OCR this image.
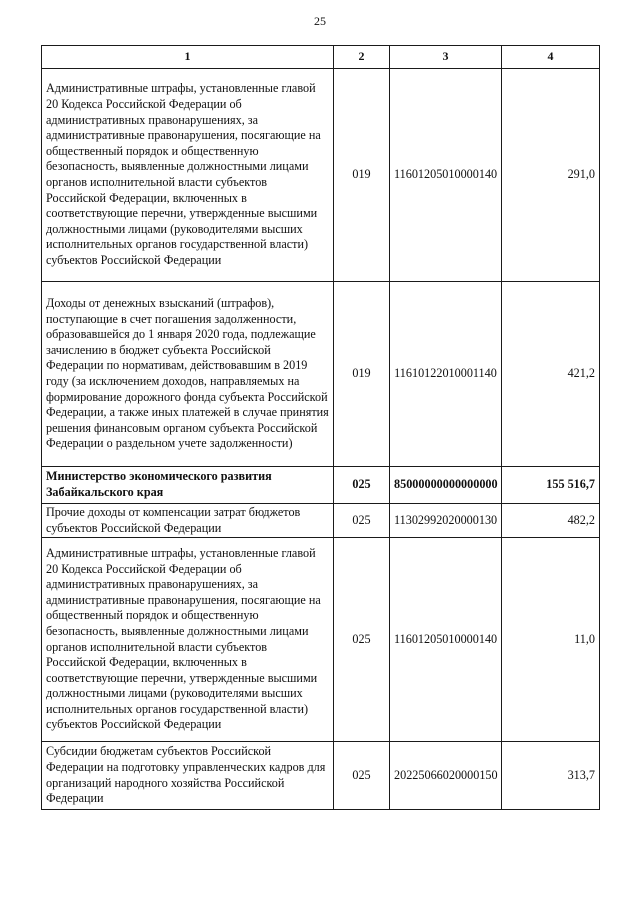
25
1	2	3	4
Административные штрафы, установленные главой 20 Кодекса Российской Федерации об административных правонарушениях, за административные правонарушения, посягающие на общественный порядок и общественную безопасность, выявленные должностными лицами органов исполнительной власти субъектов Российской Федерации, включенных в соответствующие перечни, утвержденные высшими должностными лицами (руководителями высших исполнительных органов государственной власти) субъектов Российской Федерации	019	11601205010000140	291,0
Доходы от денежных взысканий (штрафов), поступающие в счет погашения задолженности, образовавшейся до 1 января 2020 года, подлежащие зачислению в бюджет субъекта Российской Федерации по нормативам, действовавшим в 2019 году (за исключением доходов, направляемых на формирование дорожного фонда субъекта Российской Федерации, а также иных платежей в случае принятия решения финансовым органом субъекта Российской Федерации о раздельном учете задолженности)	019	11610122010001140	421,2
Министерство экономического развития Забайкальского края	025	85000000000000000	155 516,7
Прочие доходы от компенсации затрат бюджетов субъектов Российской Федерации	025	11302992020000130	482,2
Административные штрафы, установленные главой 20 Кодекса Российской Федерации об административных правонарушениях, за административные правонарушения, посягающие на общественный порядок и общественную безопасность, выявленные должностными лицами органов исполнительной власти субъектов Российской Федерации, включенных в соответствующие перечни, утвержденные высшими должностными лицами (руководителями высших исполнительных органов государственной власти) субъектов Российской Федерации	025	11601205010000140	11,0
Субсидии бюджетам субъектов Российской Федерации на подготовку управленческих кадров для организаций народного хозяйства Российской Федерации	025	20225066020000150	313,7
